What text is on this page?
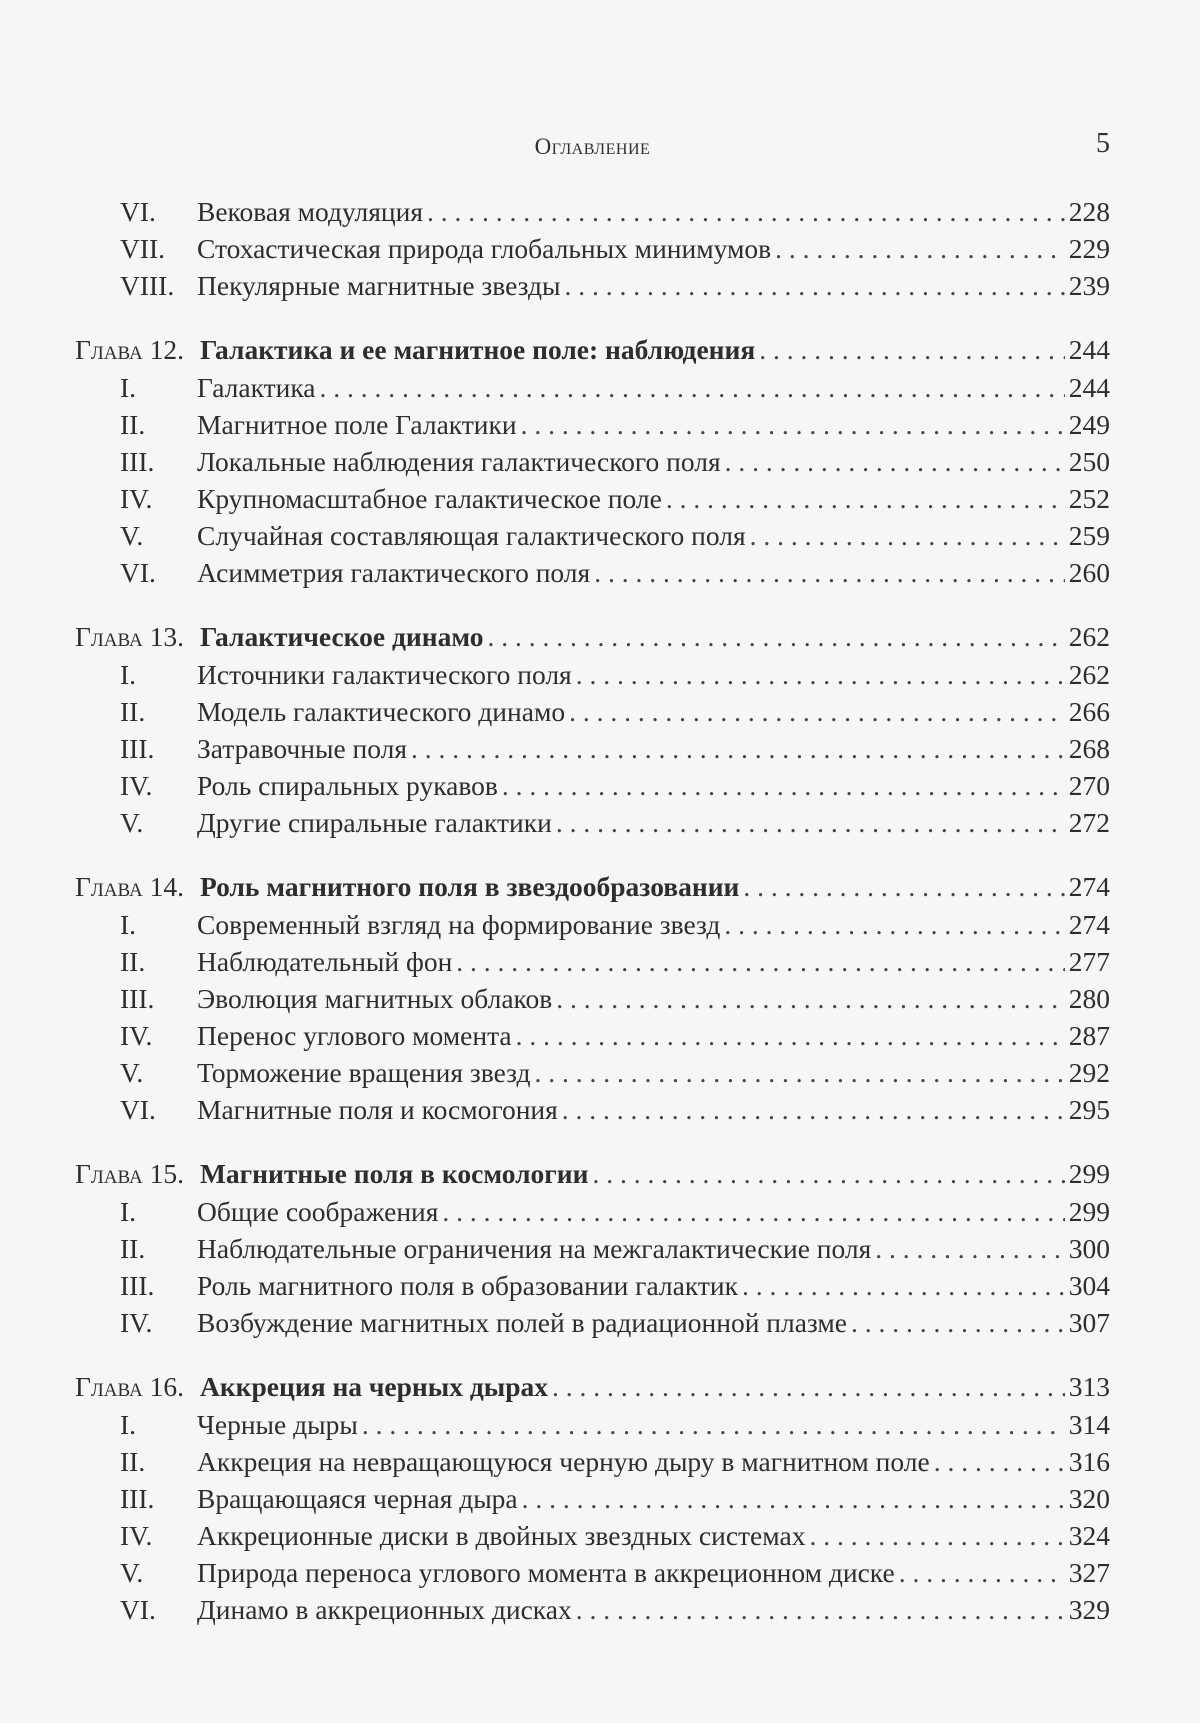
Оглавление	5
VI.	Вековая модуляция . . .	228
VII.	Стохастическая природа глобальных минимумов . . .	229
VIII. Пекулярные магнитные звезды . . .	239
Глава 12. Галактика и ее магнитное поле: наблюдения . . .	244
I.	Галактика . . .	244
II.	Магнитное поле Галактики . . .	249
III.	Локальные наблюдения галактического поля . . .	250
IV.	Крупномасштабное галактическое поле . . .	252
V.	Случайная составляющая галактического поля . . .	259
VI.	Асимметрия галактического поля . . .	260
Глава 13. Галактическое динамо . . .	262
I.	Источники галактического поля . . .	262
II.	Модель галактического динамо . . .	266
III.	Затравочные поля . . .	268
IV.	Роль спиральных рукавов . . .	270
V.	Другие спиральные галактики . . .	272
Глава 14. Роль магнитного поля в звездообразовании . . .	274
I.	Современный взгляд на формирование звезд . . .	274
II.	Наблюдательный фон . . .	277
III.	Эволюция магнитных облаков . . .	280
IV.	Перенос углового момента . . .	287
V.	Торможение вращения звезд . . .	292
VI.	Магнитные поля и космогония . . .	295
Глава 15. Магнитные поля в космологии . . .	299
I.	Общие соображения . . .	299
II.	Наблюдательные ограничения на межгалактические поля . . .	300
III.	Роль магнитного поля в образовании галактик . . .	304
IV.	Возбуждение магнитных полей в радиационной плазме . . .	307
Глава 16. Аккреция на черных дырах . . .	313
I.	Черные дыры . . .	314
II.	Аккреция на невращающуюся черную дыру в магнитном поле . . .	316
III.	Вращающаяся черная дыра . . .	320
IV.	Аккреционные диски в двойных звездных системах . . .	324
V.	Природа переноса углового момента в аккреционном диске . . .	327
VI.	Динамо в аккреционных дисках . . .	329
